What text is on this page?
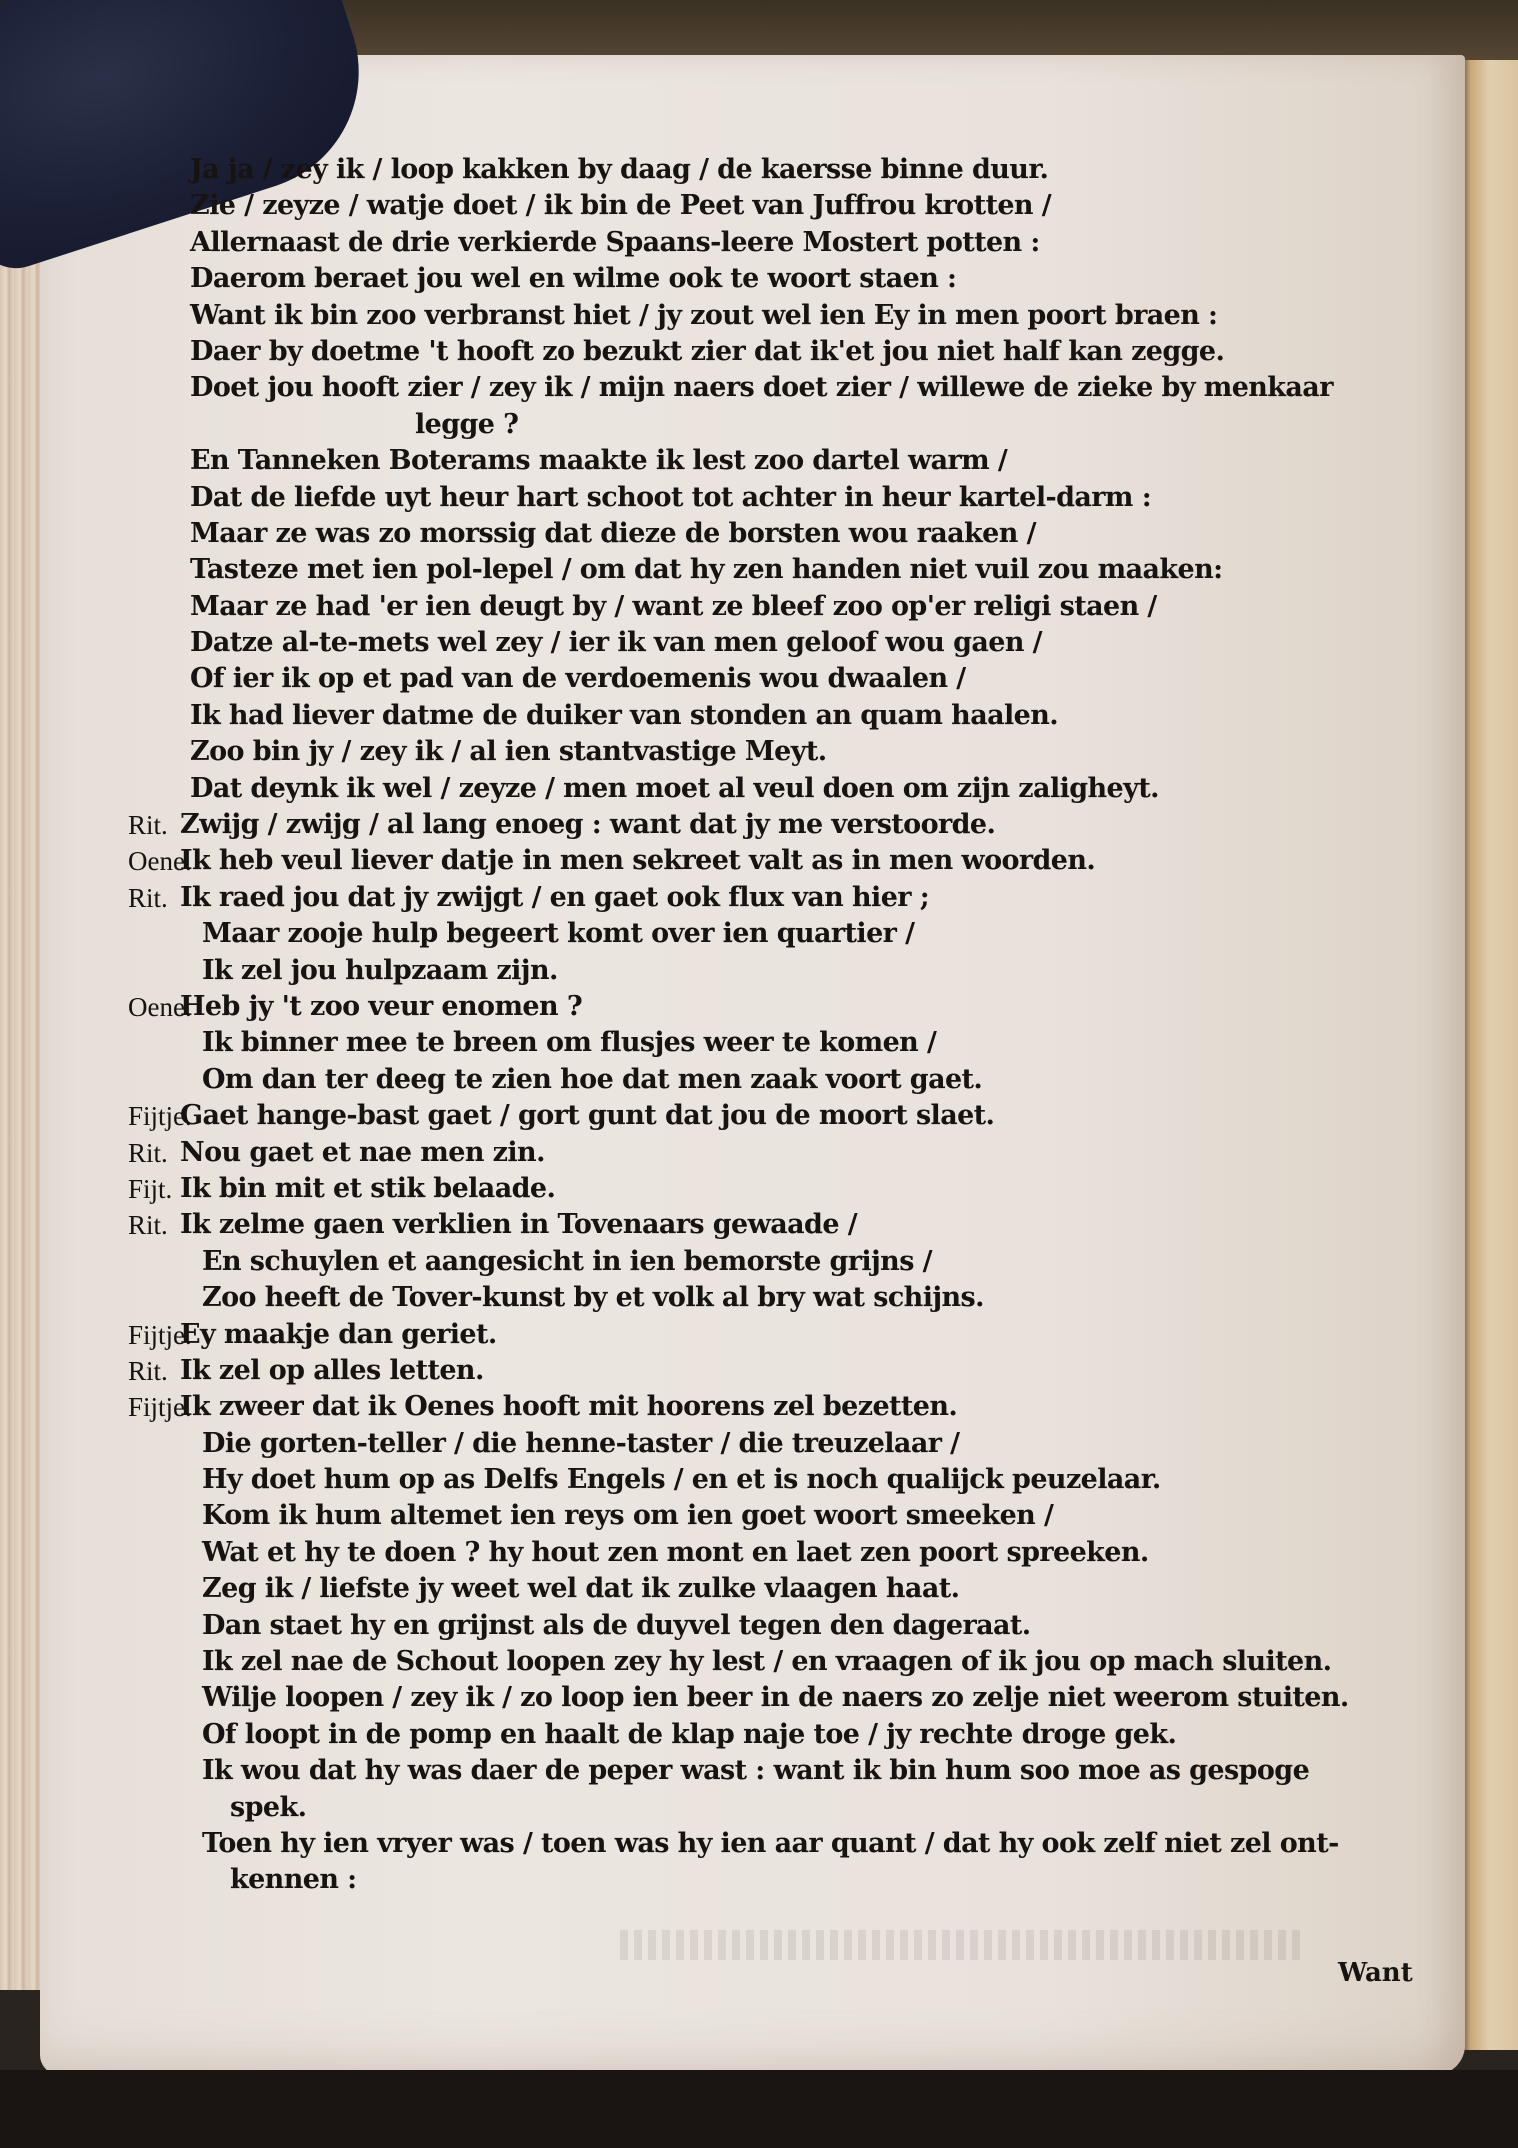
Ja ja / zey ik / loop kakken by daag / de kaersse binne duur.
Zie / zeyze / watje doet / ik bin de Peet van Juffrou krotten /
Allernaast de drie verkierde Spaans-leere Mostert potten :
Daerom beraet jou wel en wilme ook te woort staen :
Want ik bin zoo verbranst hiet / jy zout wel ien Ey in men poort braen :
Daer by doetme 't hooft zo bezukt zier dat ik'et jou niet half kan zegge.
Doet jou hooft zier / zey ik / mijn naers doet zier / willewe de zieke by menkaar
legge ?
En Tanneken Boterams maakte ik lest zoo dartel warm /
Dat de liefde uyt heur hart schoot tot achter in heur kartel-darm :
Maar ze was zo morssig dat dieze de borsten wou raaken /
Tasteze met ien pol-lepel / om dat hy zen handen niet vuil zou maaken:
Maar ze had 'er ien deugt by / want ze bleef zoo op'er religi staen /
Datze al-te-mets wel zey / ier ik van men geloof wou gaen /
Of ier ik op et pad van de verdoemenis wou dwaalen /
Ik had liever datme de duiker van stonden an quam haalen.
Zoo bin jy / zey ik / al ien stantvastige Meyt.
Dat deynk ik wel / zeyze / men moet al veul doen om zijn zalighеyt.
Rit. Zwijg / zwijg / al lang enoeg : want dat jy me verstoorde.
Oene.
Ik heb veul liever datje in men sekreet valt as in men woorden.
Rit. Ik raed jou dat jy zwijgt / en gaet ook flux van hier ;
Maar zooje hulp begeert komt over ien quartier /
Ik zel jou hulpzaam zijn.
Oene.
Heb jy 't zoo veur enomen ?
Ik binner mee te breen om flusjes weer te komen /
Om dan ter deeg te zien hoe dat men zaak voort gaet.
Fijtje.
Gaet hange-bast gaet / gort gunt dat jou de moort slaet.
Rit. Nou gaet et nae men zin.
Fijt. Ik bin mit et stik belaade.
Rit. Ik zelme gaen verklien in Tovenaars gewaade /
En schuylen et aangesicht in ien bemorste grijns /
Zoo heeft de Tover-kunst by et volk al bry wat schijns.
Fijtje.
Ey maakje dan geriet.
Rit. Ik zel op alles letten.
Fijtje.
Ik zweer dat ik Oenes hooft mit hoorens zel bezetten.
Die gorten-teller / die henne-taster / die treuzelaar /
Hy doet hum op as Delfs Engels / en et is noch qualijck peuzelaar.
Kom ik hum altemet ien reys om ien goet woort smeeken /
Wat et hy te doen ? hy hout zen mont en laet zen poort spreeken.
Zeg ik / liefste jy weet wel dat ik zulke vlaagen haat.
Dan staet hy en grijnst als de duyvel tegen den dageraat.
Ik zel nae de Schout loopen zey hy lest / en vraagen of ik jou op mach sluiten.
Wilje loopen / zey ik / zo loop ien beer in de naers zo zelje niet weerom stuiten.
Of loopt in de pomp en haalt de klap naje toe / jy rechte droge gek.
Ik wou dat hy was daer de peper wast : want ik bin hum soo moe as gespoge
spek.
Toen hy ien vryer was / toen was hy ien aar quant / dat hy ook zelf niet zel ont-
kennen :
Want
